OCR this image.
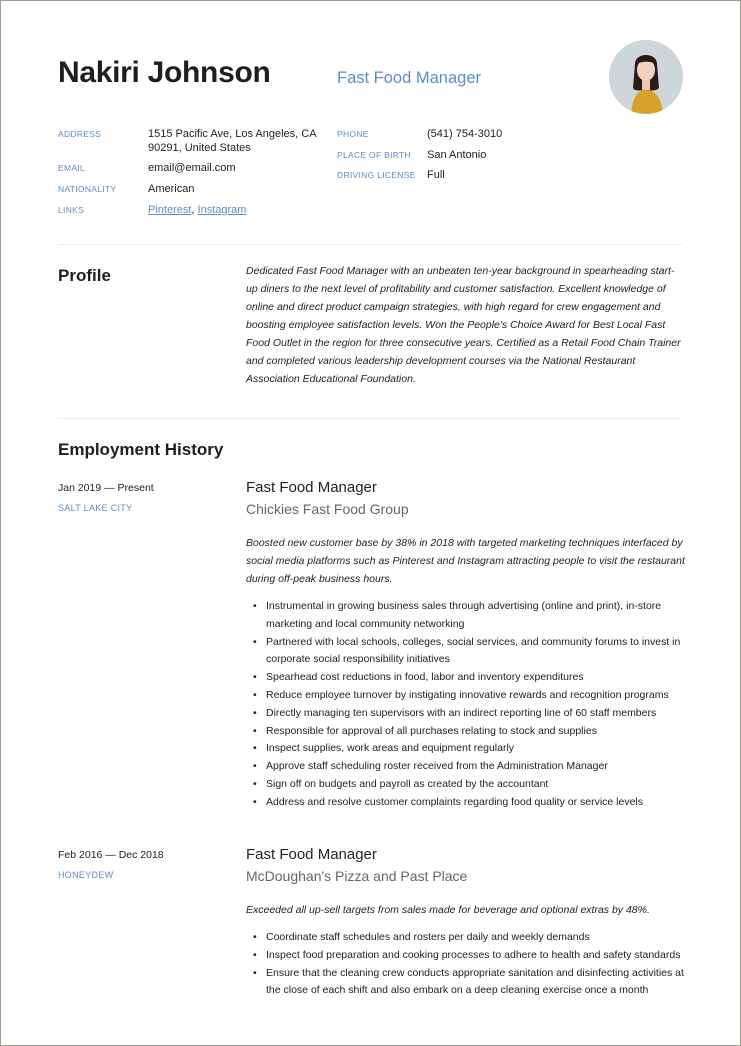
Nakiri Johnson	Fast Food Manager
ADDRESS	1515 Pacific Ave, Los Angeles, CA
90291, United States
EMAIL	email@email.com
NATIONALITY	American
LINKS	Pinterest, Instagram
PHONE	(541) 754-3010
PLACE OF BIRTH San Antonio
DRIVING LICENSE Full
Profile	Dedicated Fast Food Manager with an unbeaten ten-year background in spearheading start-up diners to the next level of profitability and customer satisfaction. Excellent knowledge of online and direct product campaign strategies, with high regard for crew engagement and boosting employee satisfaction levels. Won the People's Choice Award for Best Local Fast Food Outlet in the region for three consecutive years. Certified as a Retail Food Chain Trainer and completed various leadership development courses via the National Restaurant Association Educational Foundation.
Employment History
Jan 2019 — Present
SALT LAKE CITY
Fast Food Manager
Chickies Fast Food Group
Boosted new customer base by 38% in 2018 with targeted marketing techniques interfaced by social media platforms such as Pinterest and Instagram attracting people to visit the restaurant during off-peak business hours.
• Instrumental in growing business sales through advertising (online and print), in-store marketing and local community networking
• Partnered with local schools, colleges, social services, and community forums to invest in corporate social responsibility initiatives
• Spearhead cost reductions in food, labor and inventory expenditures
• Reduce employee turnover by instigating innovative rewards and recognition programs
• Directly managing ten supervisors with an indirect reporting line of 60 staff members
• Responsible for approval of all purchases relating to stock and supplies
• Inspect supplies, work areas and equipment regularly
• Approve staff scheduling roster received from the Administration Manager
• Sign off on budgets and payroll as created by the accountant
• Address and resolve customer complaints regarding food quality or service levels
Feb 2016 — Dec 2018
HONEYDEW
Fast Food Manager
McDoughan's Pizza and Past Place
Exceeded all up-sell targets from sales made for beverage and optional extras by 48%.
• Coordinate staff schedules and rosters per daily and weekly demands
• Inspect food preparation and cooking processes to adhere to health and safety standards
• Ensure that the cleaning crew conducts appropriate sanitation and disinfecting activities at the close of each shift and also embark on a deep cleaning exercise once a month
